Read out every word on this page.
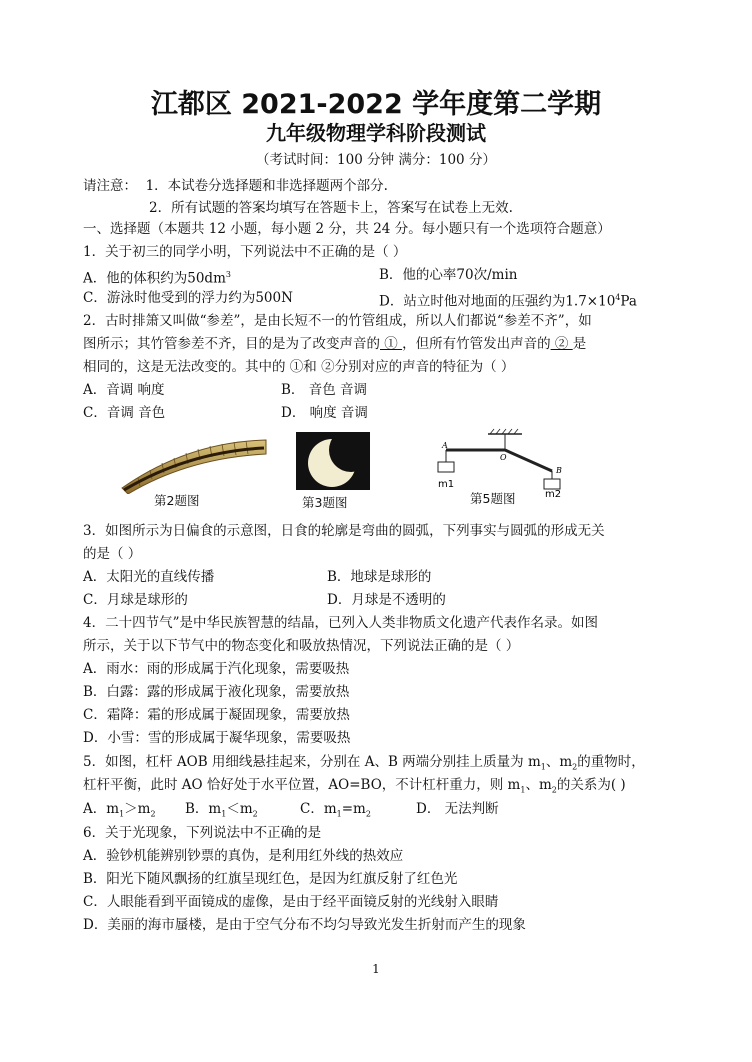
江都区 2021-2022 学年度第二学期
九年级物理学科阶段测试
（考试时间：100 分钟 满分：100 分）
请注意： 1．本试卷分选择题和非选择题两个部分.
2．所有试题的答案均填写在答题卡上，答案写在试卷上无效.
一、选择题（本题共 12 小题，每小题 2 分，共 24 分。每小题只有一个选项符合题意）
1．关于初三的同学小明，下列说法中不正确的是（ ）
A．他的体积约为$50dm^3$	B．他的心率70次/min
C．游泳时他受到的浮力约为500N	D．站立时他对地面的压强约为$1.7\times 10^4Pa$
2．古时排箫又叫做“参差”，是由长短不一的竹管组成，所以人们都说“参差不齐”，如
图所示；其竹管参差不齐，目的是为了改变声音的 ① ，但所有竹管发出声音的 ② 是
相同的，这是无法改变的。其中的 ①和 ②分别对应的声音的特征为（ ）
A．音调 响度	B． 音色 音调
C．音调 音色	D． 响度 音调
第2题图	第3题图
A
O
B
m1
m2
第5题图
3．如图所示为日偏食的示意图，日食的轮廓是弯曲的圆弧，下列事实与圆弧的形成无关
的是（ ）
A．太阳光的直线传播	B．地球是球形的
C．月球是球形的	D．月球是不透明的
4．二十四节气”是中华民族智慧的结晶，已列入人类非物质文化遗产代表作名录。如图
所示，关于以下节气中的物态变化和吸放热情况，下列说法正确的是（ ）
A．雨水：雨的形成属于汽化现象，需要吸热
B．白露：露的形成属于液化现象，需要放热
C．霜降：霜的形成属于凝固现象，需要放热
D．小雪：雪的形成属于凝华现象，需要吸热
5．如图，杠杆 AOB 用细线悬挂起来，分别在 A、B 两端分别挂上质量为 $m_1$、$m_2$的重物时，
杠杆平衡，此时 AO 恰好处于水平位置，AO=BO，不计杠杆重力，则 $m_1$、$m_2$的关系为( )
A．$m_1>m_2$ B．$m_1<m_2$	C．$m_1=m_2$	D． 无法判断
6．关于光现象，下列说法中不正确的是
A．验钞机能辨别钞票的真伪，是利用红外线的热效应
B．阳光下随风飘扬的红旗呈现红色，是因为红旗反射了红色光
C．人眼能看到平面镜成的虚像，是由于经平面镜反射的光线射入眼睛
D．美丽的海市蜃楼，是由于空气分布不均匀导致光发生折射而产生的现象
1
